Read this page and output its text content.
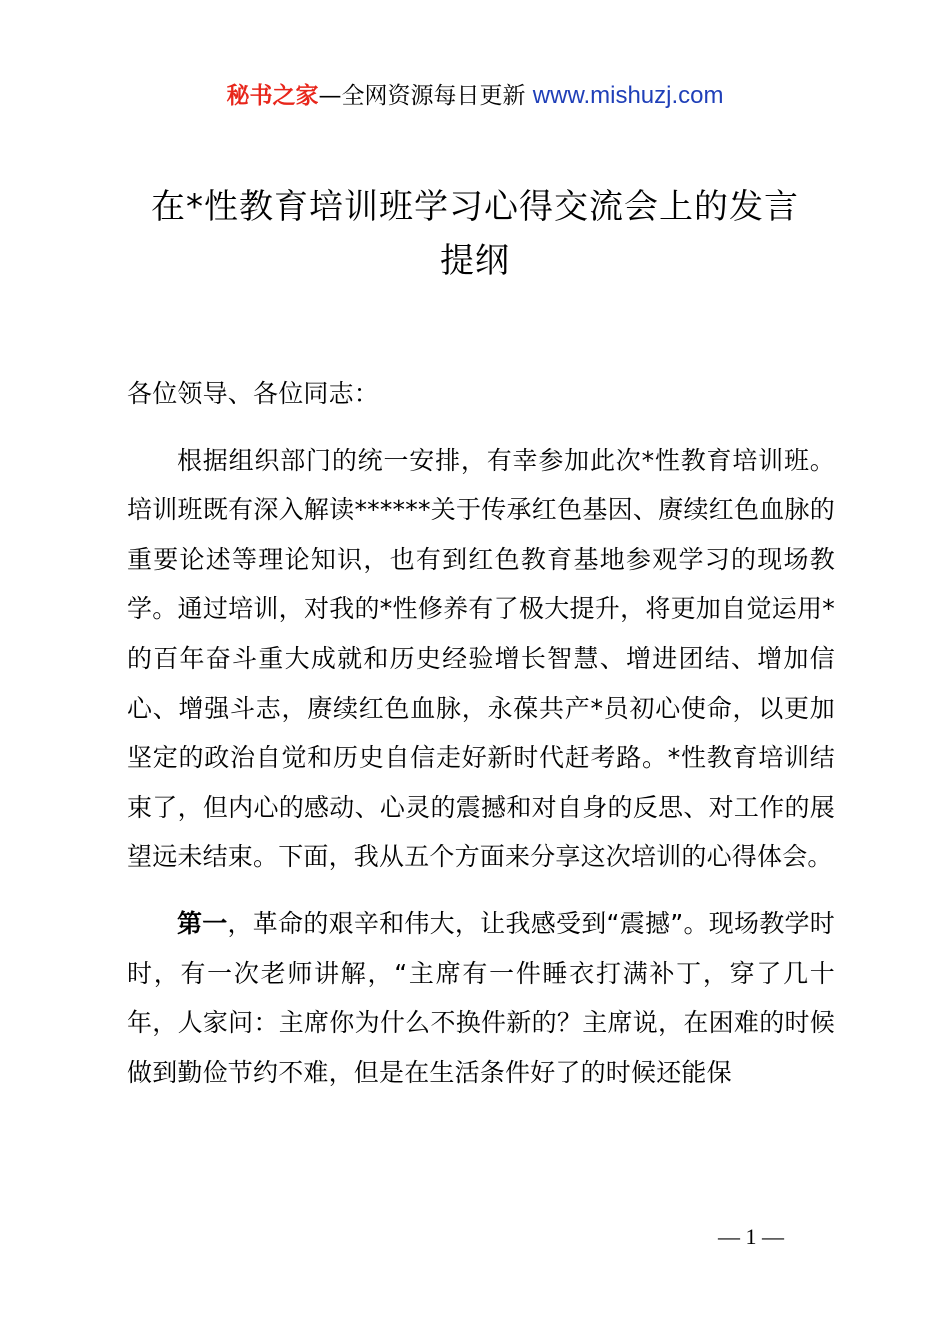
秘书之家—全网资源每日更新 www.mishuzj.com
在*性教育培训班学习心得交流会上的发言
提纲

各位领导、各位同志：

根据组织部门的统一安排，有幸参加此次*性教育培训班。培训班既有深入解读******关于传承红色基因、赓续红色血脉的重要论述等理论知识，也有到红色教育基地参观学习的现场教学。通过培训，对我的*性修养有了极大提升，将更加自觉运用*的百年奋斗重大成就和历史经验增长智慧、增进团结、增加信心、增强斗志，赓续红色血脉，永葆共产*员初心使命，以更加坚定的政治自觉和历史自信走好新时代赶考路。*性教育培训结束了，但内心的感动、心灵的震撼和对自身的反思、对工作的展望远未结束。下面，我从五个方面来分享这次培训的心得体会。

第一，革命的艰辛和伟大，让我感受到“震撼”。现场教学时时，有一次老师讲解，“主席有一件睡衣打满补丁，穿了几十年，人家问：主席你为什么不换件新的？主席说，在困难的时候做到勤俭节约不难，但是在生活条件好了的时候还能保

— 1 —
